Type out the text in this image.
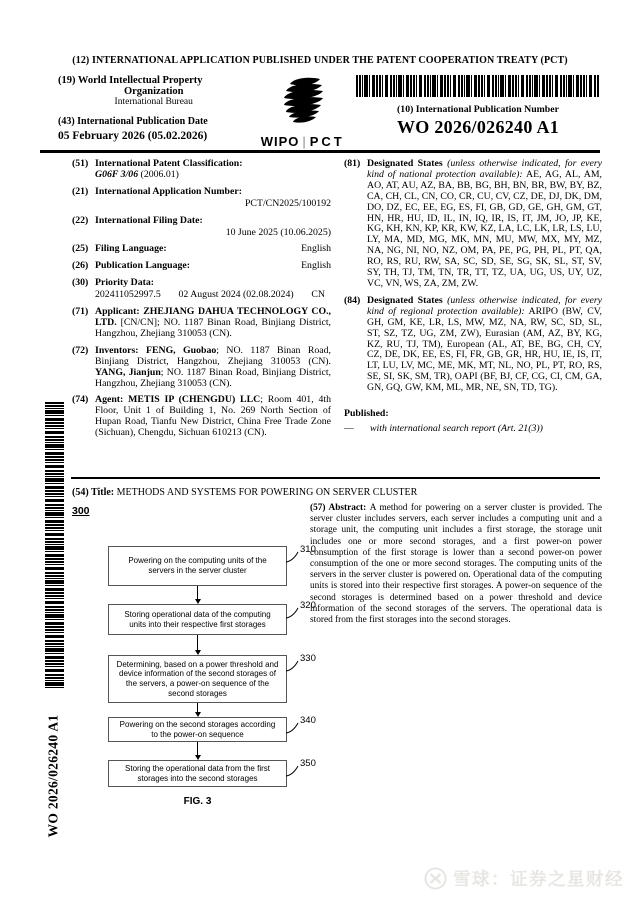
(12) INTERNATIONAL APPLICATION PUBLISHED UNDER THE PATENT COOPERATION TREATY (PCT)
(19) World Intellectual Property
Organization
International Bureau
(43) International Publication Date
05 February 2026 (05.02.2026)	WIPO | PCT
(10) International Publication Number
WO 2026/026240 A1
(51) International Patent Classification:
G06F 3/06 (2006.01)
(21) International Application Number:
PCT/CN2025/100192
(22) International Filing Date:
10 June 2025 (10.06.2025)
(25) Filing Language:	English
(26) Publication Language:	English
(30) Priority Data:
202411052997.5 02 August 2024 (02.08.2024) CN
(71) Applicant: ZHEJIANG DAHUA TECHNOLOGY CO., LTD. [CN/CN]; NO. 1187 Binan Road, Binjiang District, Hangzhou, Zhejiang 310053 (CN).
(72) Inventors: FENG, Guobao; NO. 1187 Binan Road, Binjiang District, Hangzhou, Zhejiang 310053 (CN). YANG, Jianjun; NO. 1187 Binan Road, Binjiang District, Hangzhou, Zhejiang 310053 (CN).
(74) Agent: METIS IP (CHENGDU) LLC; Room 401, 4th Floor, Unit 1 of Building 1, No. 269 North Section of Hupan Road, Tianfu New District, China Free Trade Zone (Sichuan), Chengdu, Sichuan 610213 (CN).
(81) Designated States (unless otherwise indicated, for every kind of national protection available): AE, AG, AL, AM, AO, AT, AU, AZ, BA, BB, BG, BH, BN, BR, BW, BY, BZ, CA, CH, CL, CN, CO, CR, CU, CV, CZ, DE, DJ, DK, DM, DO, DZ, EC, EE, EG, ES, FI, GB, GD, GE, GH, GM, GT, HN, HR, HU, ID, IL, IN, IQ, IR, IS, IT, JM, JO, JP, KE, KG, KH, KN, KP, KR, KW, KZ, LA, LC, LK, LR, LS, LU, LY, MA, MD, MG, MK, MN, MU, MW, MX, MY, MZ, NA, NG, NI, NO, NZ, OM, PA, PE, PG, PH, PL, PT, QA, RO, RS, RU, RW, SA, SC, SD, SE, SG, SK, SL, ST, SV, SY, TH, TJ, TM, TN, TR, TT, TZ, UA, UG, US, UY, UZ, VC, VN, WS, ZA, ZM, ZW.
(84) Designated States (unless otherwise indicated, for every kind of regional protection available): ARIPO (BW, CV, GH, GM, KE, LR, LS, MW, MZ, NA, RW, SC, SD, SL, ST, SZ, TZ, UG, ZM, ZW), Eurasian (AM, AZ, BY, KG, KZ, RU, TJ, TM), European (AL, AT, BE, BG, CH, CY, CZ, DE, DK, EE, ES, FI, FR, GB, GR, HR, HU, IE, IS, IT, LT, LU, LV, MC, ME, MK, MT, NL, NO, PL, PT, RO, RS, SE, SI, SK, SM, TR), OAPI (BF, BJ, CF, CG, CI, CM, GA, GN, GQ, GW, KM, ML, MR, NE, SN, TD, TG).
Published:
—	with international search report (Art. 21(3))
(54) Title: METHODS AND SYSTEMS FOR POWERING ON SERVER CLUSTER
(57) Abstract: A method for powering on a server cluster is provided. The server cluster includes servers, each server includes a computing unit and a storage unit, the computing unit includes a first storage, the storage unit includes one or more second storages, and a first power-on power consumption of the first storage is lower than a second power-on power consumption of the one or more second storages. The computing units of the servers in the server cluster is powered on. Operational data of the computing units is stored into their respective first storages. A power-on sequence of the second storages is determined based on a power threshold and device information of the second storages of the servers. The operational data is stored from the first storages into the second storages.
300
Powering on the computing units of the servers in the server cluster
Storing operational data of the computing units into their respective first storages
Determining, based on a power threshold and device information of the second storages of the servers, a power-on sequence of the second storages
Powering on the second storages according to the power-on sequence
Storing the operational data from the first storages into the second storages
310
320
330
340
350
FIG. 3
WO 2026/026240 A1
雪球：证券之星财经
